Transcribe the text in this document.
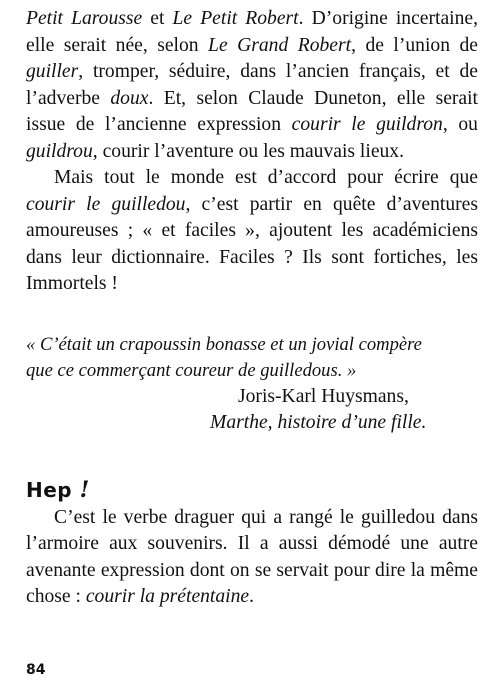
Petit Larousse et Le Petit Robert. D’origine incertaine, elle serait née, selon Le Grand Robert, de l’union de guiller, tromper, séduire, dans l’ancien français, et de l’adverbe doux. Et, selon Claude Duneton, elle serait issue de l’ancienne expression courir le guildron, ou guildrou, courir l’aventure ou les mauvais lieux.

Mais tout le monde est d’accord pour écrire que courir le guilledou, c’est partir en quête d’aventures amoureuses ; « et faciles », ajoutent les académiciens dans leur dictionnaire. Faciles ? Ils sont fortiches, les Immortels !

« C’était un crapoussin bonasse et un jovial compère
que ce commerçant coureur de guilledous. »
Joris-Karl Huysmans,
Marthe, histoire d’une fille.
Hep !

C’est le verbe draguer qui a rangé le guilledou dans l’armoire aux souvenirs. Il a aussi démodé une autre avenante expression dont on se servait pour dire la même chose : courir la prétentaine.

84
